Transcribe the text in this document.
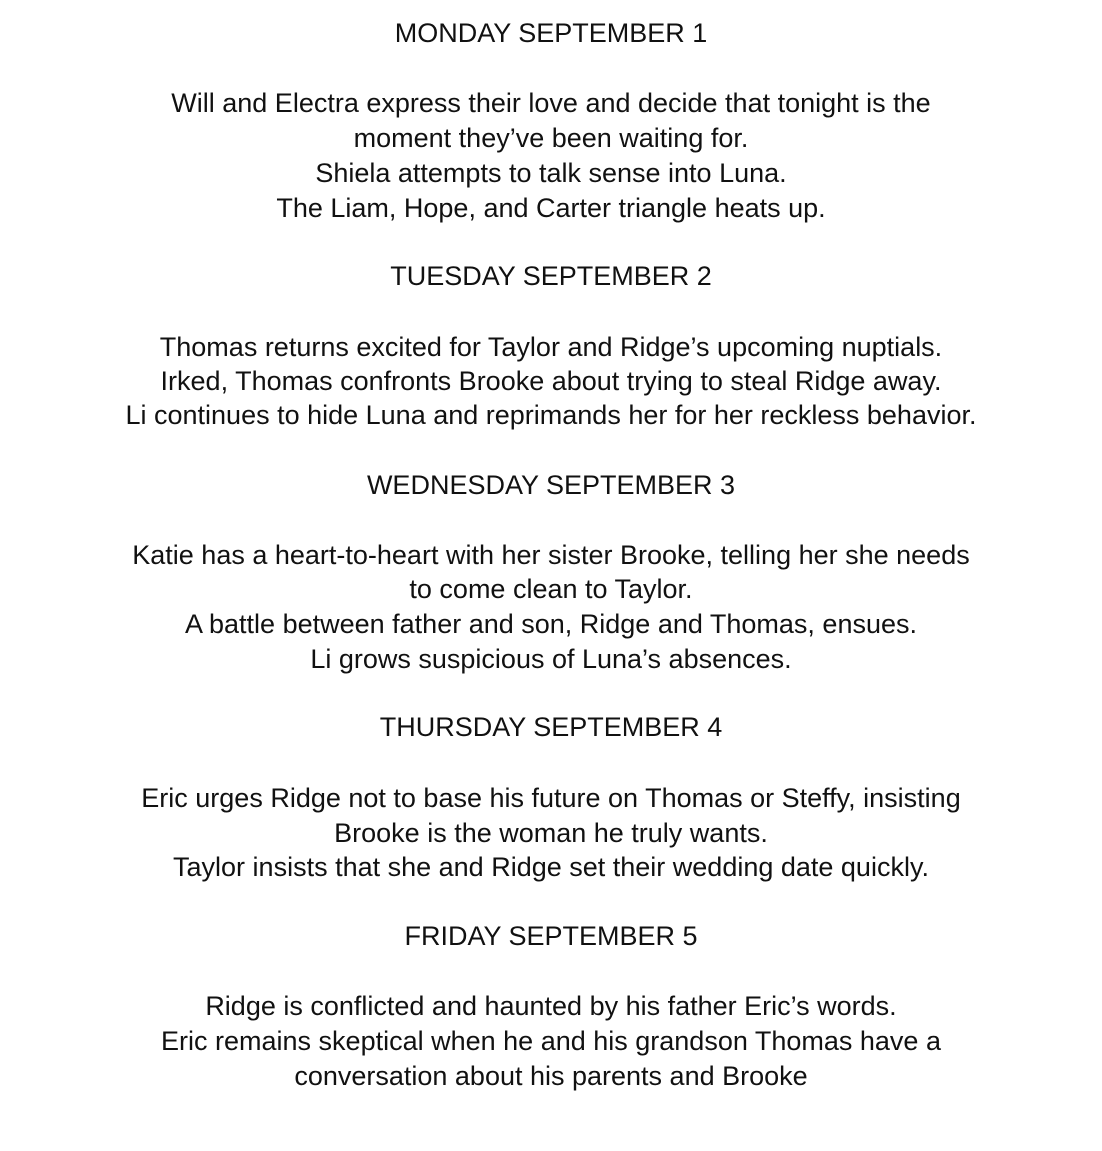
MONDAY SEPTEMBER 1

Will and Electra express their love and decide that tonight is the

moment they’ve been waiting for.

Shiela attempts to talk sense into Luna.

The Liam, Hope, and Carter triangle heats up.

TUESDAY SEPTEMBER 2

Thomas returns excited for Taylor and Ridge’s upcoming nuptials.

Irked, Thomas confronts Brooke about trying to steal Ridge away.

Li continues to hide Luna and reprimands her for her reckless behavior.

WEDNESDAY SEPTEMBER 3

Katie has a heart-to-heart with her sister Brooke, telling her she needs

to come clean to Taylor.

A battle between father and son, Ridge and Thomas, ensues.

Li grows suspicious of Luna’s absences.

THURSDAY SEPTEMBER 4

Eric urges Ridge not to base his future on Thomas or Steffy, insisting

Brooke is the woman he truly wants.

Taylor insists that she and Ridge set their wedding date quickly.

FRIDAY SEPTEMBER 5

Ridge is conflicted and haunted by his father Eric’s words.

Eric remains skeptical when he and his grandson Thomas have a

conversation about his parents and Brooke
